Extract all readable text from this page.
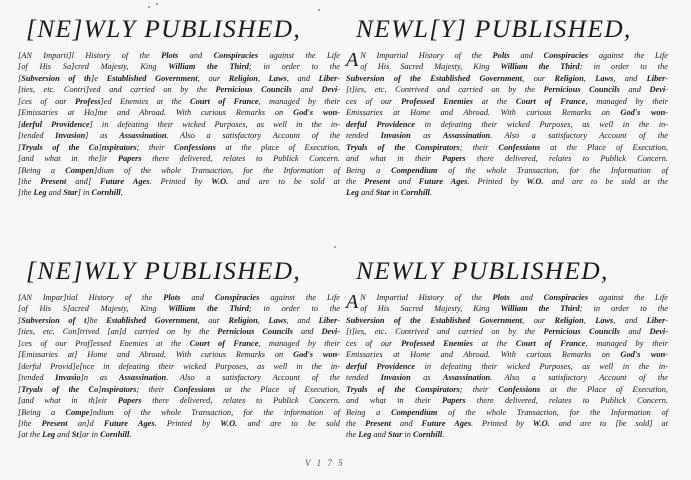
[NE]WLY PUBLISHED,
[AN Imparti]l History of the Plots and Conspiracies against the Life
[of His Sa]cred Majesty, King William the Third; in order to the
[Subversion of th]e Established Government, our Religion, Laws, and Liber-
[ties, etc. Contri]ved and carried on by the Pernicious Councils and Devi-
[ces of our Profess]ed Enemies at the Court of France, managed by their
[Emissaries at Ho]me and Abroad. With curious Remarks on God's won-
[derful Providence] in defeating their wicked Purposes, as well in the in-
[tended Invasion] as Assassination. Also a satisfactory Account of the
[Tryals of the Co]nspirators; their Confessions at the place of Execution,
[and what in the]ir Papers there delivered, relates to Publick Concern.
[Being a Compen]dium of the whole Transaction, for the Information of
[the Present and] Future Ages. Printed by W.O. and are to be sold at
[the Leg and Star] in Cornhill.
NEWL[Y] PUBLISHED,
A N Impartial History of the Polts and Conspiracies against the Life
of His Sacred Majesty, King William the Third; in order to the
Subversion of the Established Government, our Religion, Laws, and Liber-
[t]ies, etc. Contrived and carried on by the Pernicious Councils and Devi-
ces of our Professed Enemies at the Court of France, managed by their
Emissaries at Home and Abroad. With curious Remarks on God's won-
derful Providence in defeating their wicked Purposes, as well in the in-
tended Invasion as Assassination. Also a satisfactory Account of the
Tryals of the Conspirators; their Confessions at the Place of Execution,
and what in their Papers there delivered, relates to Publick Concern.
Being a Compendium of the whole Transaction, for the Information of
the Present and Future Ages. Printed by W.O. and are to be sold at the
Leg and Star in Cornhill.
[NE]WLY PUBLISHED,
[AN Impar]tial History of the Plots and Conspiracies against the Life
[of His S]acred Majesty, King William the Third; in order to the
[Subversion of t]he Established Government, our Religion, Laws, and Liber-
[ties, etc. Con]trived [an]d carried on by the Pernicious Councils and Devi-
[ces of our Prof]essed Enemies at the Court of France, managed by their
[Emissaries at] Home and Abroad. With curious Remarks on God's won-
[derful Provid]e[nce in defeating their wicked Purposes, as well in the in-
[tended Invasio]n as Assassination. Also a satisfactory Account of the
[Tryals of the Co]nspirators; their Confessions at the Place of Execution,
[and what in th]eir Papers there delivered, relates to Publick Concern.
[Being a Compe]ndium of the whole Transaction, for the information of
[the Present an]d Future Ages. Printed by W.O. and are to be sold
[at the Leg and St]ar in Cornhill.
NEWLY PUBLISHED,
A N Impartial History of the Plots and Conspiracies against the Life
of His Sacred Majesty, King William the Third; in order to the
Subversion of the Established Government, our Religion, Laws, and Liber-
[t]ies, etc. Contrived and carried on by the Pernicious Councils and Devi-
ces of our Professed Enemies at the Court of France, managed by their
Emissaries at Home and Abroad. With curious Remarks on God's won-
derful Providence in defeating their wicked Purposes, as well in the in-
tended Invasion as Assassination. Also a satisfactory Account of the
Tryals of the Conspirators; their Confessions at the Place of Execution,
and what in their Papers there delivered, relates to Publick Concern.
Being a Compendium of the whole Transaction, for the Information of
the Present and Future Ages. Printed by W.O. and are to [be sold] at
the Leg and Star in Cornhill.
V 1 7 5
